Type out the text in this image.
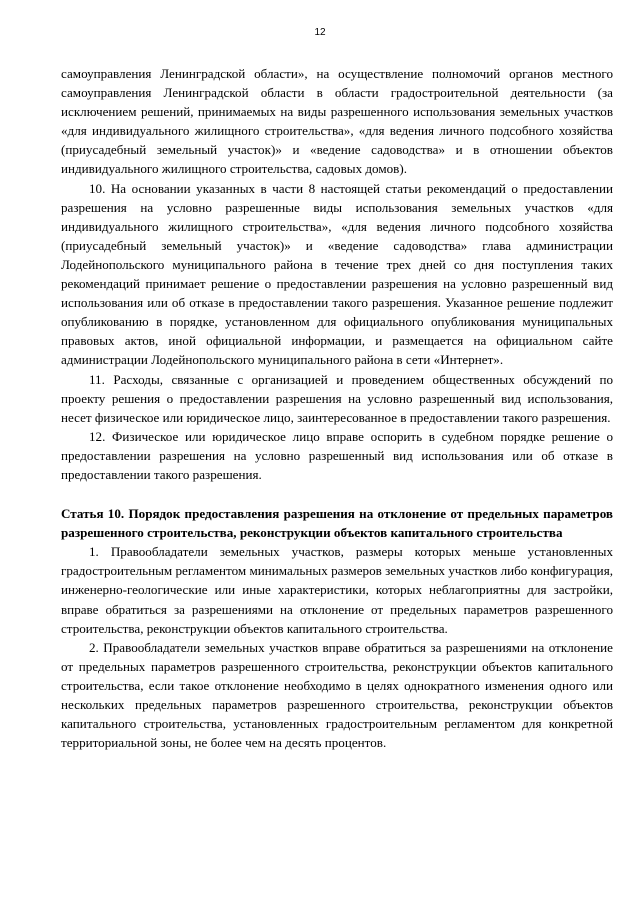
12

самоуправления Ленинградской области», на осуществление полномочий органов местного самоуправления Ленинградской области в области градостроительной деятельности (за исключением решений, принимаемых на виды разрешенного использования земельных участков «для индивидуального жилищного строительства», «для ведения личного подсобного хозяйства (приусадебный земельный участок)» и «ведение садоводства» и в отношении объектов индивидуального жилищного строительства, садовых домов).

10. На основании указанных в части 8 настоящей статьи рекомендаций о предоставлении разрешения на условно разрешенные виды использования земельных участков «для индивидуального жилищного строительства», «для ведения личного подсобного хозяйства (приусадебный земельный участок)» и «ведение садоводства» глава администрации Лодейнопольского муниципального района в течение трех дней со дня поступления таких рекомендаций принимает решение о предоставлении разрешения на условно разрешенный вид использования или об отказе в предоставлении такого разрешения. Указанное решение подлежит опубликованию в порядке, установленном для официального опубликования муниципальных правовых актов, иной официальной информации, и размещается на официальном сайте администрации Лодейнопольского муниципального района в сети «Интернет».

11. Расходы, связанные с организацией и проведением общественных обсуждений по проекту решения о предоставлении разрешения на условно разрешенный вид использования, несет физическое или юридическое лицо, заинтересованное в предоставлении такого разрешения.

12. Физическое или юридическое лицо вправе оспорить в судебном порядке решение о предоставлении разрешения на условно разрешенный вид использования или об отказе в предоставлении такого разрешения.

Статья 10. Порядок предоставления разрешения на отклонение от предельных параметров разрешенного строительства, реконструкции объектов капитального строительства

1. Правообладатели земельных участков, размеры которых меньше установленных градостроительным регламентом минимальных размеров земельных участков либо конфигурация, инженерно-геологические или иные характеристики, которых неблагоприятны для застройки, вправе обратиться за разрешениями на отклонение от предельных параметров разрешенного строительства, реконструкции объектов капитального строительства.

2. Правообладатели земельных участков вправе обратиться за разрешениями на отклонение от предельных параметров разрешенного строительства, реконструкции объектов капитального строительства, если такое отклонение необходимо в целях однократного изменения одного или нескольких предельных параметров разрешенного строительства, реконструкции объектов капитального строительства, установленных градостроительным регламентом для конкретной территориальной зоны, не более чем на десять процентов.
